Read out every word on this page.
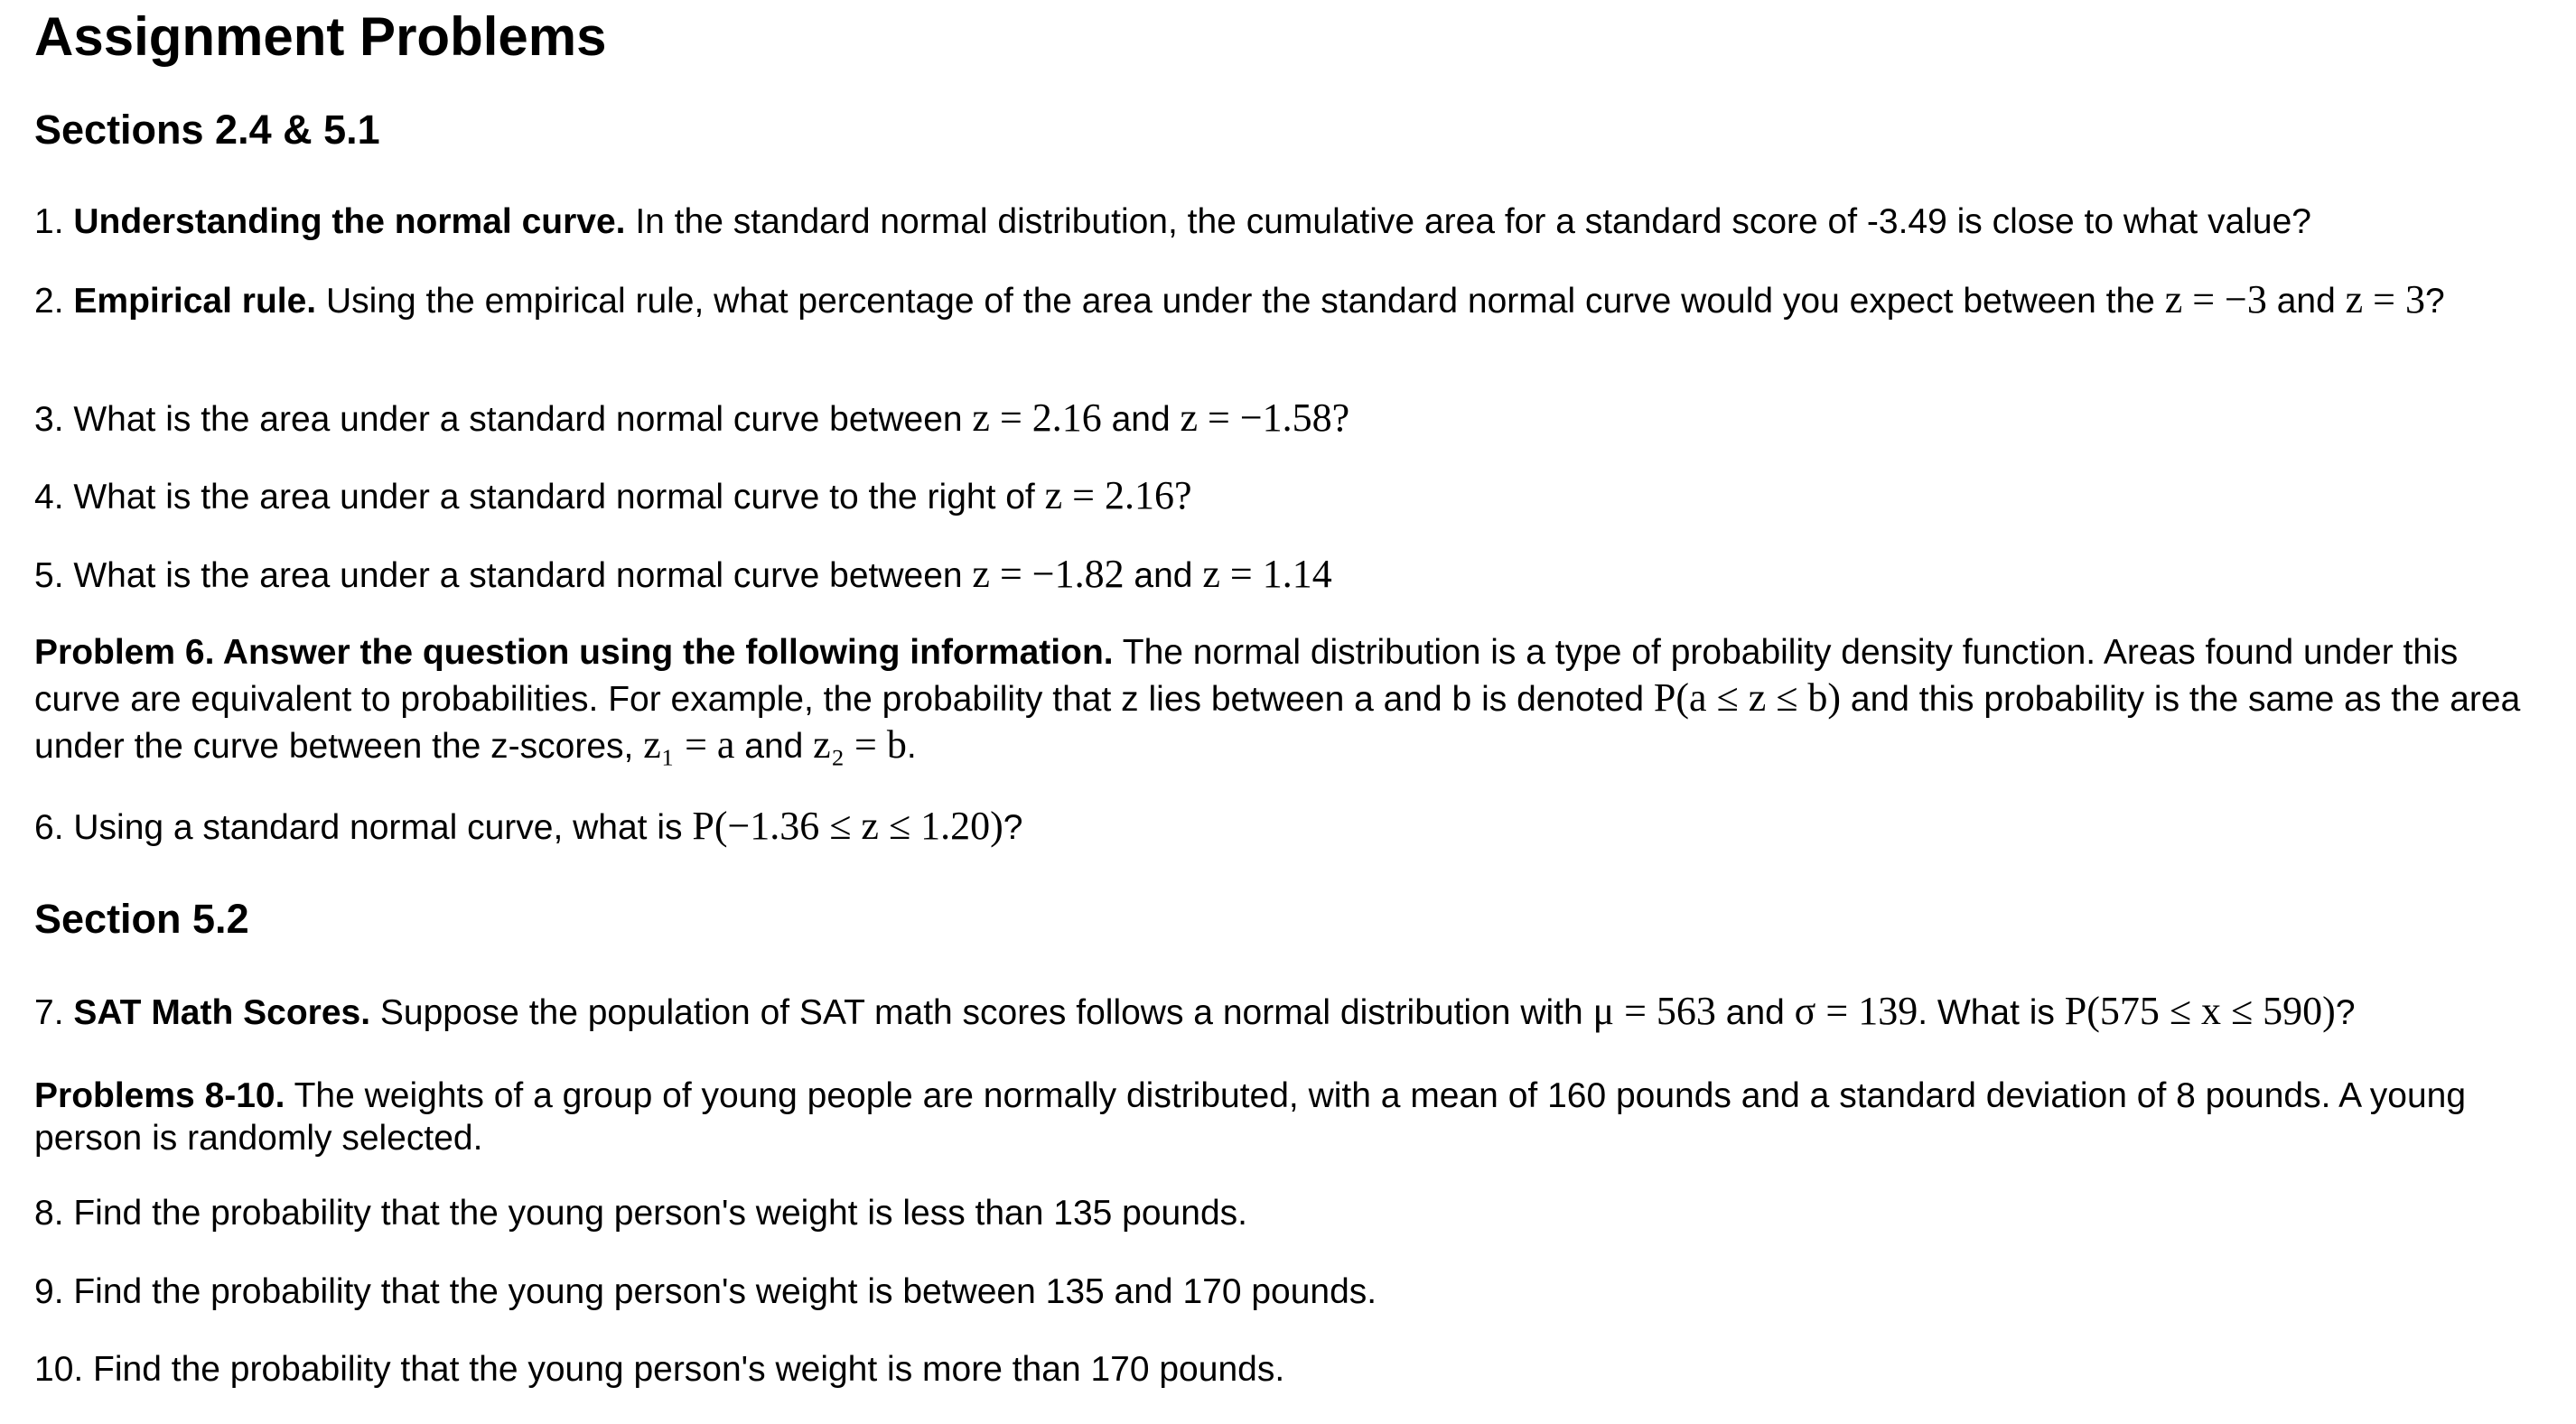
Assignment Problems
Sections 2.4 & 5.1
1. Understanding the normal curve. In the standard normal distribution, the cumulative area for a standard score of -3.49 is close to what value?
2. Empirical rule. Using the empirical rule, what percentage of the area under the standard normal curve would you expect between the z = −3 and z = 3?
3. What is the area under a standard normal curve between z = 2.16 and z = −1.58?
4. What is the area under a standard normal curve to the right of z = 2.16?
5. What is the area under a standard normal curve between z = −1.82 and z = 1.14
Problem 6. Answer the question using the following information. The normal distribution is a type of probability density function. Areas found under this curve are equivalent to probabilities. For example, the probability that z lies between a and b is denoted P(a ≤ z ≤ b) and this probability is the same as the area under the curve between the z-scores, z₁ = a and z₂ = b.
6. Using a standard normal curve, what is P(−1.36 ≤ z ≤ 1.20)?
Section 5.2
7. SAT Math Scores. Suppose the population of SAT math scores follows a normal distribution with μ = 563 and σ = 139. What is P(575 ≤ x ≤ 590)?
Problems 8-10. The weights of a group of young people are normally distributed, with a mean of 160 pounds and a standard deviation of 8 pounds. A young person is randomly selected.
8. Find the probability that the young person's weight is less than 135 pounds.
9. Find the probability that the young person's weight is between 135 and 170 pounds.
10. Find the probability that the young person's weight is more than 170 pounds.
